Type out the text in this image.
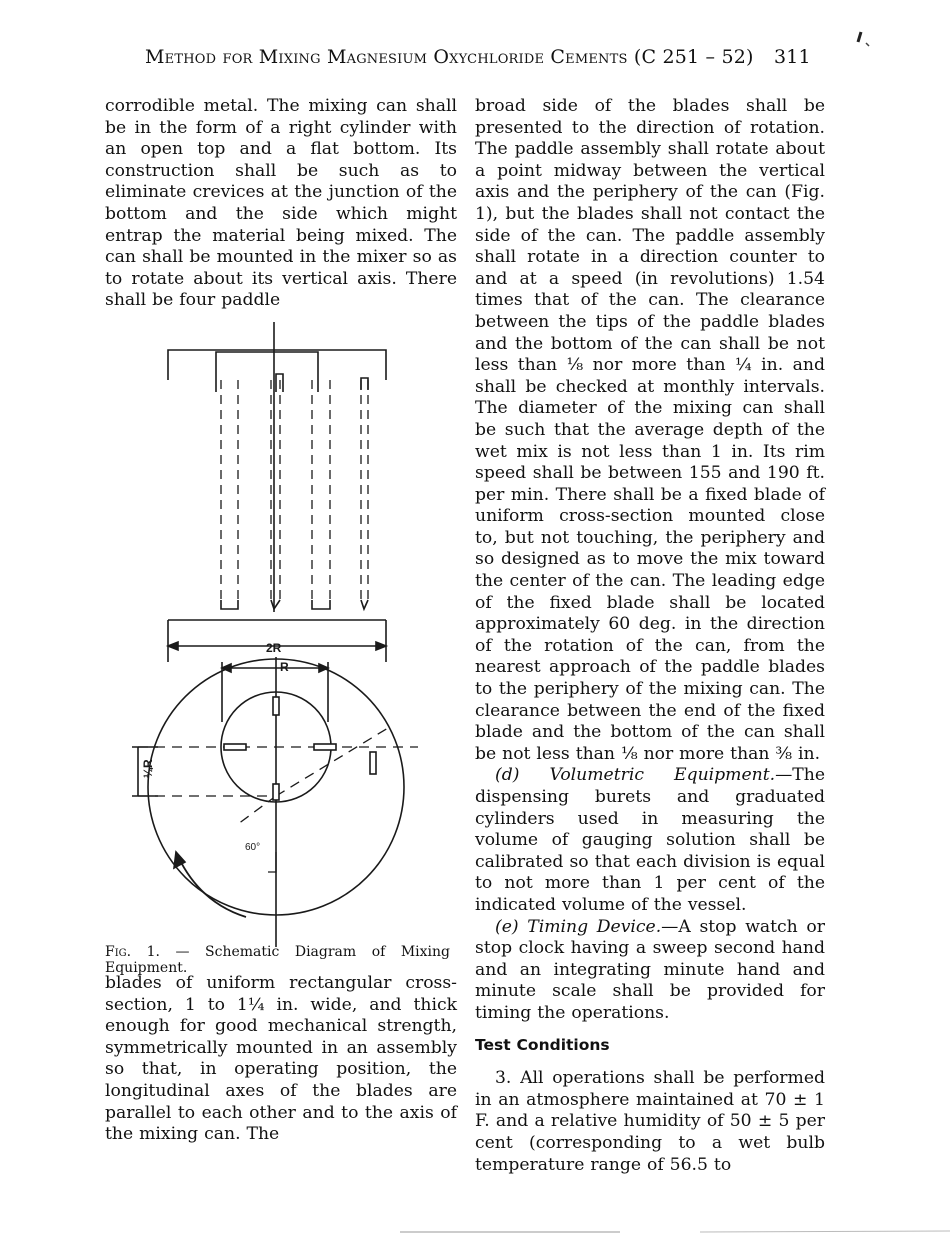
Method for Mixing Magnesium Oxychloride Cements (C 251 – 52) 311

corrodible metal. The mixing can shall be in the form of a right cylinder with an open top and a flat bottom. Its construction shall be such as to eliminate crevices at the junction of the bottom and the side which might entrap the material being mixed. The can shall be mounted in the mixer so as to rotate about its vertical axis. There shall be four paddle

2R
R
¼R
60°
Fig. 1. — Schematic Diagram of Mixing Equipment.

blades of uniform rectangular cross-section, 1 to 1¼ in. wide, and thick enough for good mechanical strength, symmetrically mounted in an assembly so that, in operating position, the longitudinal axes of the blades are parallel to each other and to the axis of the mixing can. The

broad side of the blades shall be presented to the direction of rotation. The paddle assembly shall rotate about a point midway between the vertical axis and the periphery of the can (Fig. 1), but the blades shall not contact the side of the can. The paddle assembly shall rotate in a direction counter to and at a speed (in revolutions) 1.54 times that of the can. The clearance between the tips of the paddle blades and the bottom of the can shall be not less than ⅛ nor more than ¼ in. and shall be checked at monthly intervals. The diameter of the mixing can shall be such that the average depth of the wet mix is not less than 1 in. Its rim speed shall be between 155 and 190 ft. per min. There shall be a fixed blade of uniform cross-section mounted close to, but not touching, the periphery and so designed as to move the mix toward the center of the can. The leading edge of the fixed blade shall be located approximately 60 deg. in the direction of the rotation of the can, from the nearest approach of the paddle blades to the periphery of the mixing can. The clearance between the end of the fixed blade and the bottom of the can shall be not less than ⅛ nor more than ⅜ in.

(d) Volumetric Equipment.—The dispensing burets and graduated cylinders used in measuring the volume of gauging solution shall be calibrated so that each division is equal to not more than 1 per cent of the indicated volume of the vessel.

(e) Timing Device.—A stop watch or stop clock having a sweep second hand and an integrating minute hand and minute scale shall be provided for timing the operations.

Test Conditions

3. All operations shall be performed in an atmosphere maintained at 70 ± 1 F. and a relative humidity of 50 ± 5 per cent (corresponding to a wet bulb temperature range of 56.5 to
